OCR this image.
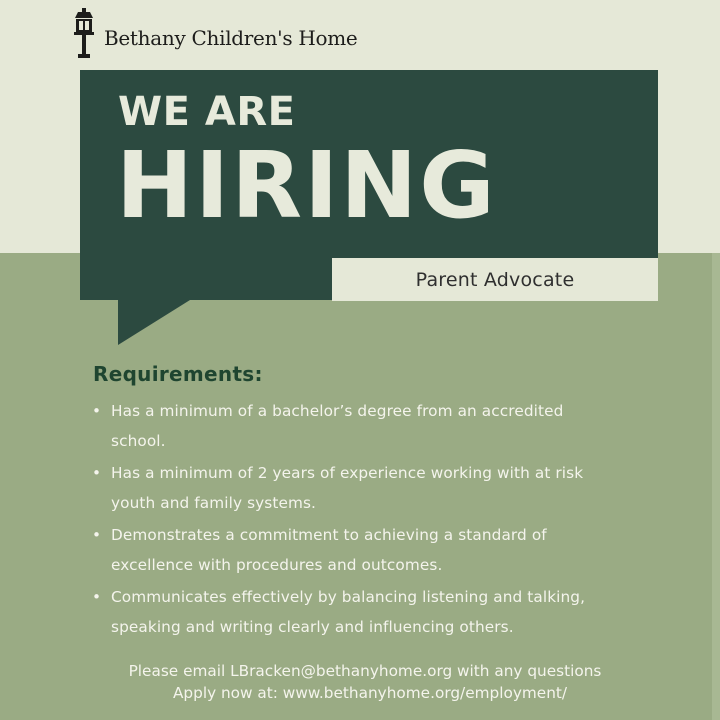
Bethany Children's Home
WE ARE
HIRING
Parent Advocate
Requirements:
• Has a minimum of a bachelor’s degree from an accredited
school.
• Has a minimum of 2 years of experience working with at risk
youth and family systems.
• Demonstrates a commitment to achieving a standard of
excellence with procedures and outcomes.
• Communicates effectively by balancing listening and talking,
speaking and writing clearly and influencing others.
Please email LBracken@bethanyhome.org with any questions
Apply now at: www.bethanyhome.org/employment/
